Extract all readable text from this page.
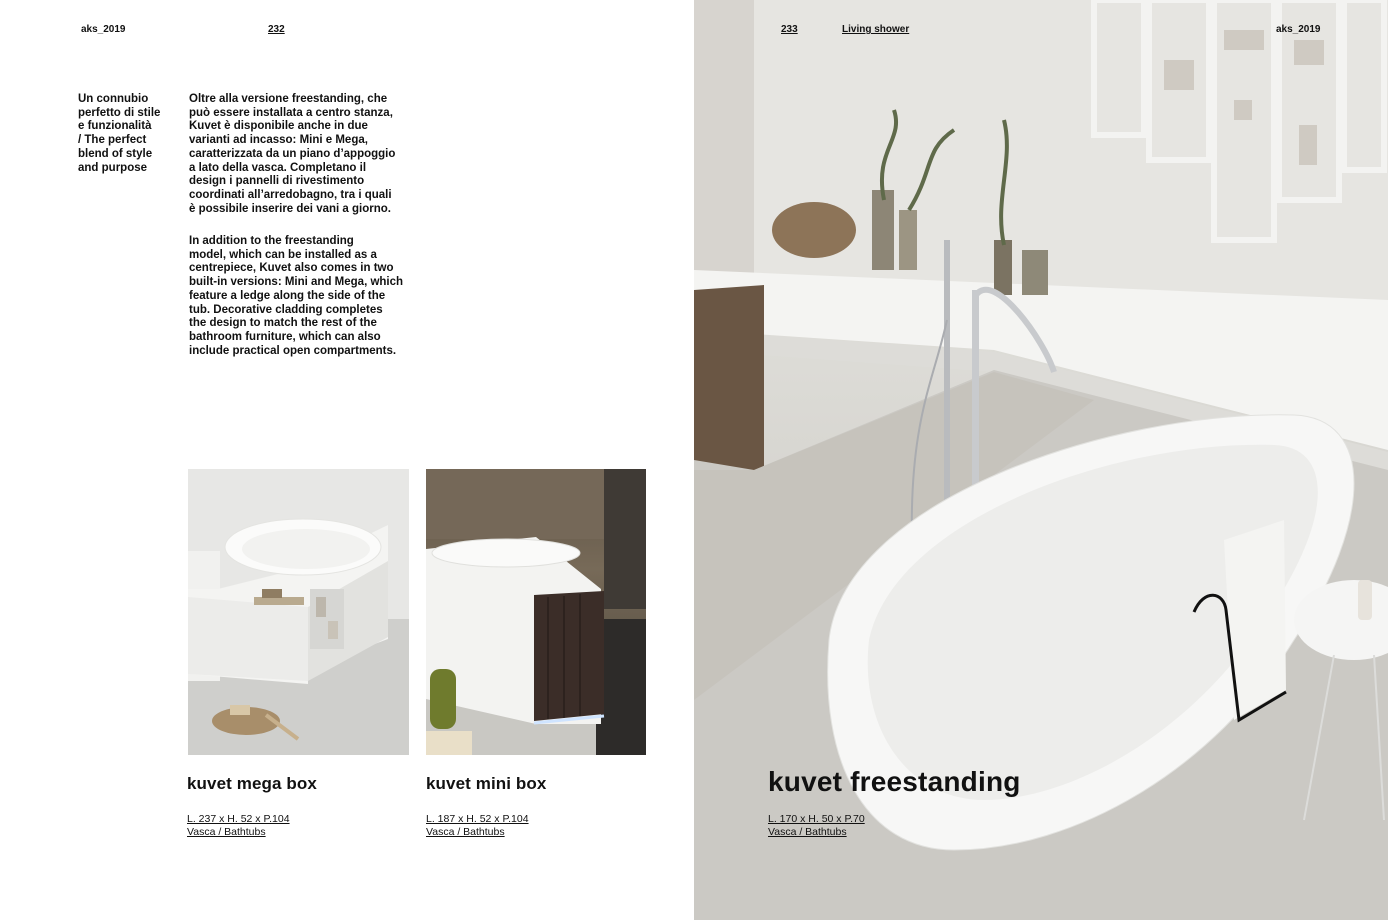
aks_2019	232
Un connubio
perfetto di stile
e funzionalità
/ The perfect
blend of style
and purpose
Oltre alla versione freestanding, che
può essere installata a centro stanza,
Kuvet è disponibile anche in due
varianti ad incasso: Mini e Mega,
caratterizzata da un piano d’appoggio
a lato della vasca. Completano il
design i pannelli di rivestimento
coordinati all’arredobagno, tra i quali
è possibile inserire dei vani a giorno.
In addition to the freestanding
model, which can be installed as a
centrepiece, Kuvet also comes in two
built-in versions: Mini and Mega, which
feature a ledge along the side of the
tub. Decorative cladding completes
the design to match the rest of the
bathroom furniture, which can also
include practical open compartments.
kuvet mega box
L. 237 x H. 52 x P.104
Vasca / Bathtubs
kuvet mini box
L. 187 x H. 52 x P.104
Vasca / Bathtubs
233	Living shower	aks_2019
kuvet freestanding
L. 170 x H. 50 x P.70
Vasca / Bathtubs
